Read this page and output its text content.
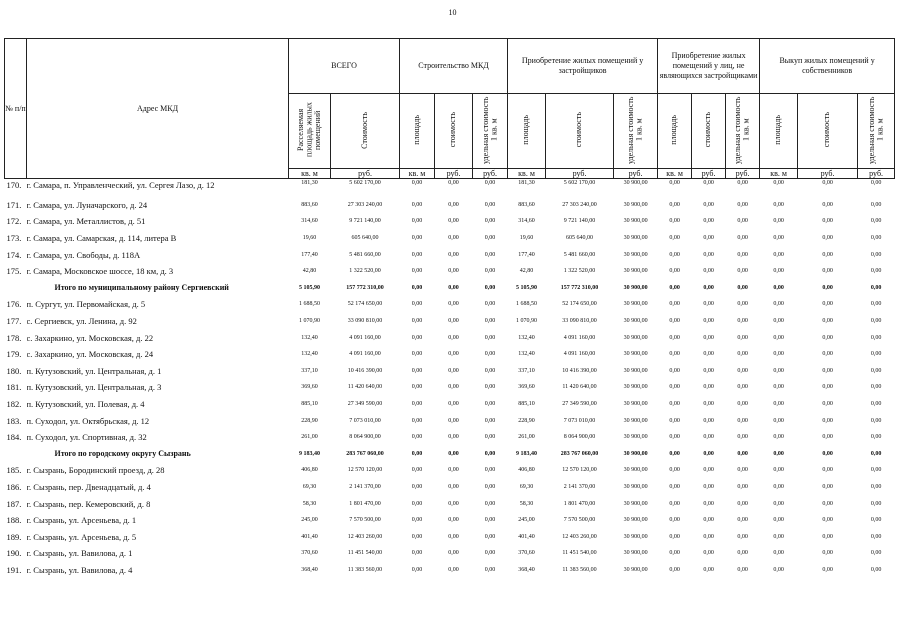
10
№ п/п	Адрес МКД	ВСЕГО		Строительство МКД			Приобретение жилых помещений у застройщиков			Приобретение жилых помещений у лиц, не являющихся застройщиками			Выкуп жилых помещений у собственников		
		Расселяемая площадь жилых помещений	Стоимость	площадь	стоимость	удельная стоимость 1 кв. м	площадь	стоимость	удельная стоимость 1 кв. м	площадь	стоимость	удельная стоимость 1 кв. м	площадь	стоимость	удельная стоимость 1 кв. м
		кв. м	руб.	кв. м	руб.	руб.	кв. м	руб.	руб.	кв. м	руб.	руб.	кв. м	руб.	руб.
170.	г. Самара, п. Управленческий, ул. Сергея Лазо, д. 12	181,30	5 602 170,00	0,00	0,00	0,00	181,30	5 602 170,00	30 900,00	0,00	0,00	0,00	0,00	0,00	0,00
171.	г. Самара, ул. Луначарского, д. 24	883,60	27 303 240,00	0,00	0,00	0,00	883,60	27 303 240,00	30 900,00	0,00	0,00	0,00	0,00	0,00	0,00
172.	г. Самара, ул. Металлистов, д. 51	314,60	9 721 140,00	0,00	0,00	0,00	314,60	9 721 140,00	30 900,00	0,00	0,00	0,00	0,00	0,00	0,00
173.	г. Самара, ул. Самарская, д. 114, литера В	19,60	605 640,00	0,00	0,00	0,00	19,60	605 640,00	30 900,00	0,00	0,00	0,00	0,00	0,00	0,00
174.	г. Самара, ул. Свободы, д. 118А	177,40	5 481 660,00	0,00	0,00	0,00	177,40	5 481 660,00	30 900,00	0,00	0,00	0,00	0,00	0,00	0,00
175.	г. Самара, Московское шоссе, 18 км, д. 3	42,80	1 322 520,00	0,00	0,00	0,00	42,80	1 322 520,00	30 900,00	0,00	0,00	0,00	0,00	0,00	0,00
	Итого по муниципальному району Сергиевский	5 105,90	157 772 310,00	0,00	0,00	0,00	5 105,90	157 772 310,00	30 900,00	0,00	0,00	0,00	0,00	0,00	0,00
176.	п. Сургут, ул. Первомайская, д. 5	1 688,50	52 174 650,00	0,00	0,00	0,00	1 688,50	52 174 650,00	30 900,00	0,00	0,00	0,00	0,00	0,00	0,00
177.	с. Сергиевск, ул. Ленина, д. 92	1 070,90	33 090 810,00	0,00	0,00	0,00	1 070,90	33 090 810,00	30 900,00	0,00	0,00	0,00	0,00	0,00	0,00
178.	с. Захаркино, ул. Московская, д. 22	132,40	4 091 160,00	0,00	0,00	0,00	132,40	4 091 160,00	30 900,00	0,00	0,00	0,00	0,00	0,00	0,00
179.	с. Захаркино, ул. Московская, д. 24	132,40	4 091 160,00	0,00	0,00	0,00	132,40	4 091 160,00	30 900,00	0,00	0,00	0,00	0,00	0,00	0,00
180.	п. Кутузовский, ул. Центральная, д. 1	337,10	10 416 390,00	0,00	0,00	0,00	337,10	10 416 390,00	30 900,00	0,00	0,00	0,00	0,00	0,00	0,00
181.	п. Кутузовский, ул. Центральная, д. 3	369,60	11 420 640,00	0,00	0,00	0,00	369,60	11 420 640,00	30 900,00	0,00	0,00	0,00	0,00	0,00	0,00
182.	п. Кутузовский, ул. Полевая, д. 4	885,10	27 349 590,00	0,00	0,00	0,00	885,10	27 349 590,00	30 900,00	0,00	0,00	0,00	0,00	0,00	0,00
183.	п. Суходол, ул. Октябрьская, д. 12	228,90	7 073 010,00	0,00	0,00	0,00	228,90	7 073 010,00	30 900,00	0,00	0,00	0,00	0,00	0,00	0,00
184.	п. Суходол, ул. Спортивная, д. 32	261,00	8 064 900,00	0,00	0,00	0,00	261,00	8 064 900,00	30 900,00	0,00	0,00	0,00	0,00	0,00	0,00
	Итого по городскому округу Сызрань	9 183,40	283 767 060,00	0,00	0,00	0,00	9 183,40	283 767 060,00	30 900,00	0,00	0,00	0,00	0,00	0,00	0,00
185.	г. Сызрань, Бородинский проезд, д. 28	406,80	12 570 120,00	0,00	0,00	0,00	406,80	12 570 120,00	30 900,00	0,00	0,00	0,00	0,00	0,00	0,00
186.	г. Сызрань, пер. Двенадцатый, д. 4	69,30	2 141 370,00	0,00	0,00	0,00	69,30	2 141 370,00	30 900,00	0,00	0,00	0,00	0,00	0,00	0,00
187.	г. Сызрань, пер. Кемеровский, д. 8	58,30	1 801 470,00	0,00	0,00	0,00	58,30	1 801 470,00	30 900,00	0,00	0,00	0,00	0,00	0,00	0,00
188.	г. Сызрань, ул. Арсеньева, д. 1	245,00	7 570 500,00	0,00	0,00	0,00	245,00	7 570 500,00	30 900,00	0,00	0,00	0,00	0,00	0,00	0,00
189.	г. Сызрань, ул. Арсеньева, д. 5	401,40	12 403 260,00	0,00	0,00	0,00	401,40	12 403 260,00	30 900,00	0,00	0,00	0,00	0,00	0,00	0,00
190.	г. Сызрань, ул. Вавилова, д. 1	370,60	11 451 540,00	0,00	0,00	0,00	370,60	11 451 540,00	30 900,00	0,00	0,00	0,00	0,00	0,00	0,00
191.	г. Сызрань, ул. Вавилова, д. 4	368,40	11 383 560,00	0,00	0,00	0,00	368,40	11 383 560,00	30 900,00	0,00	0,00	0,00	0,00	0,00	0,00
